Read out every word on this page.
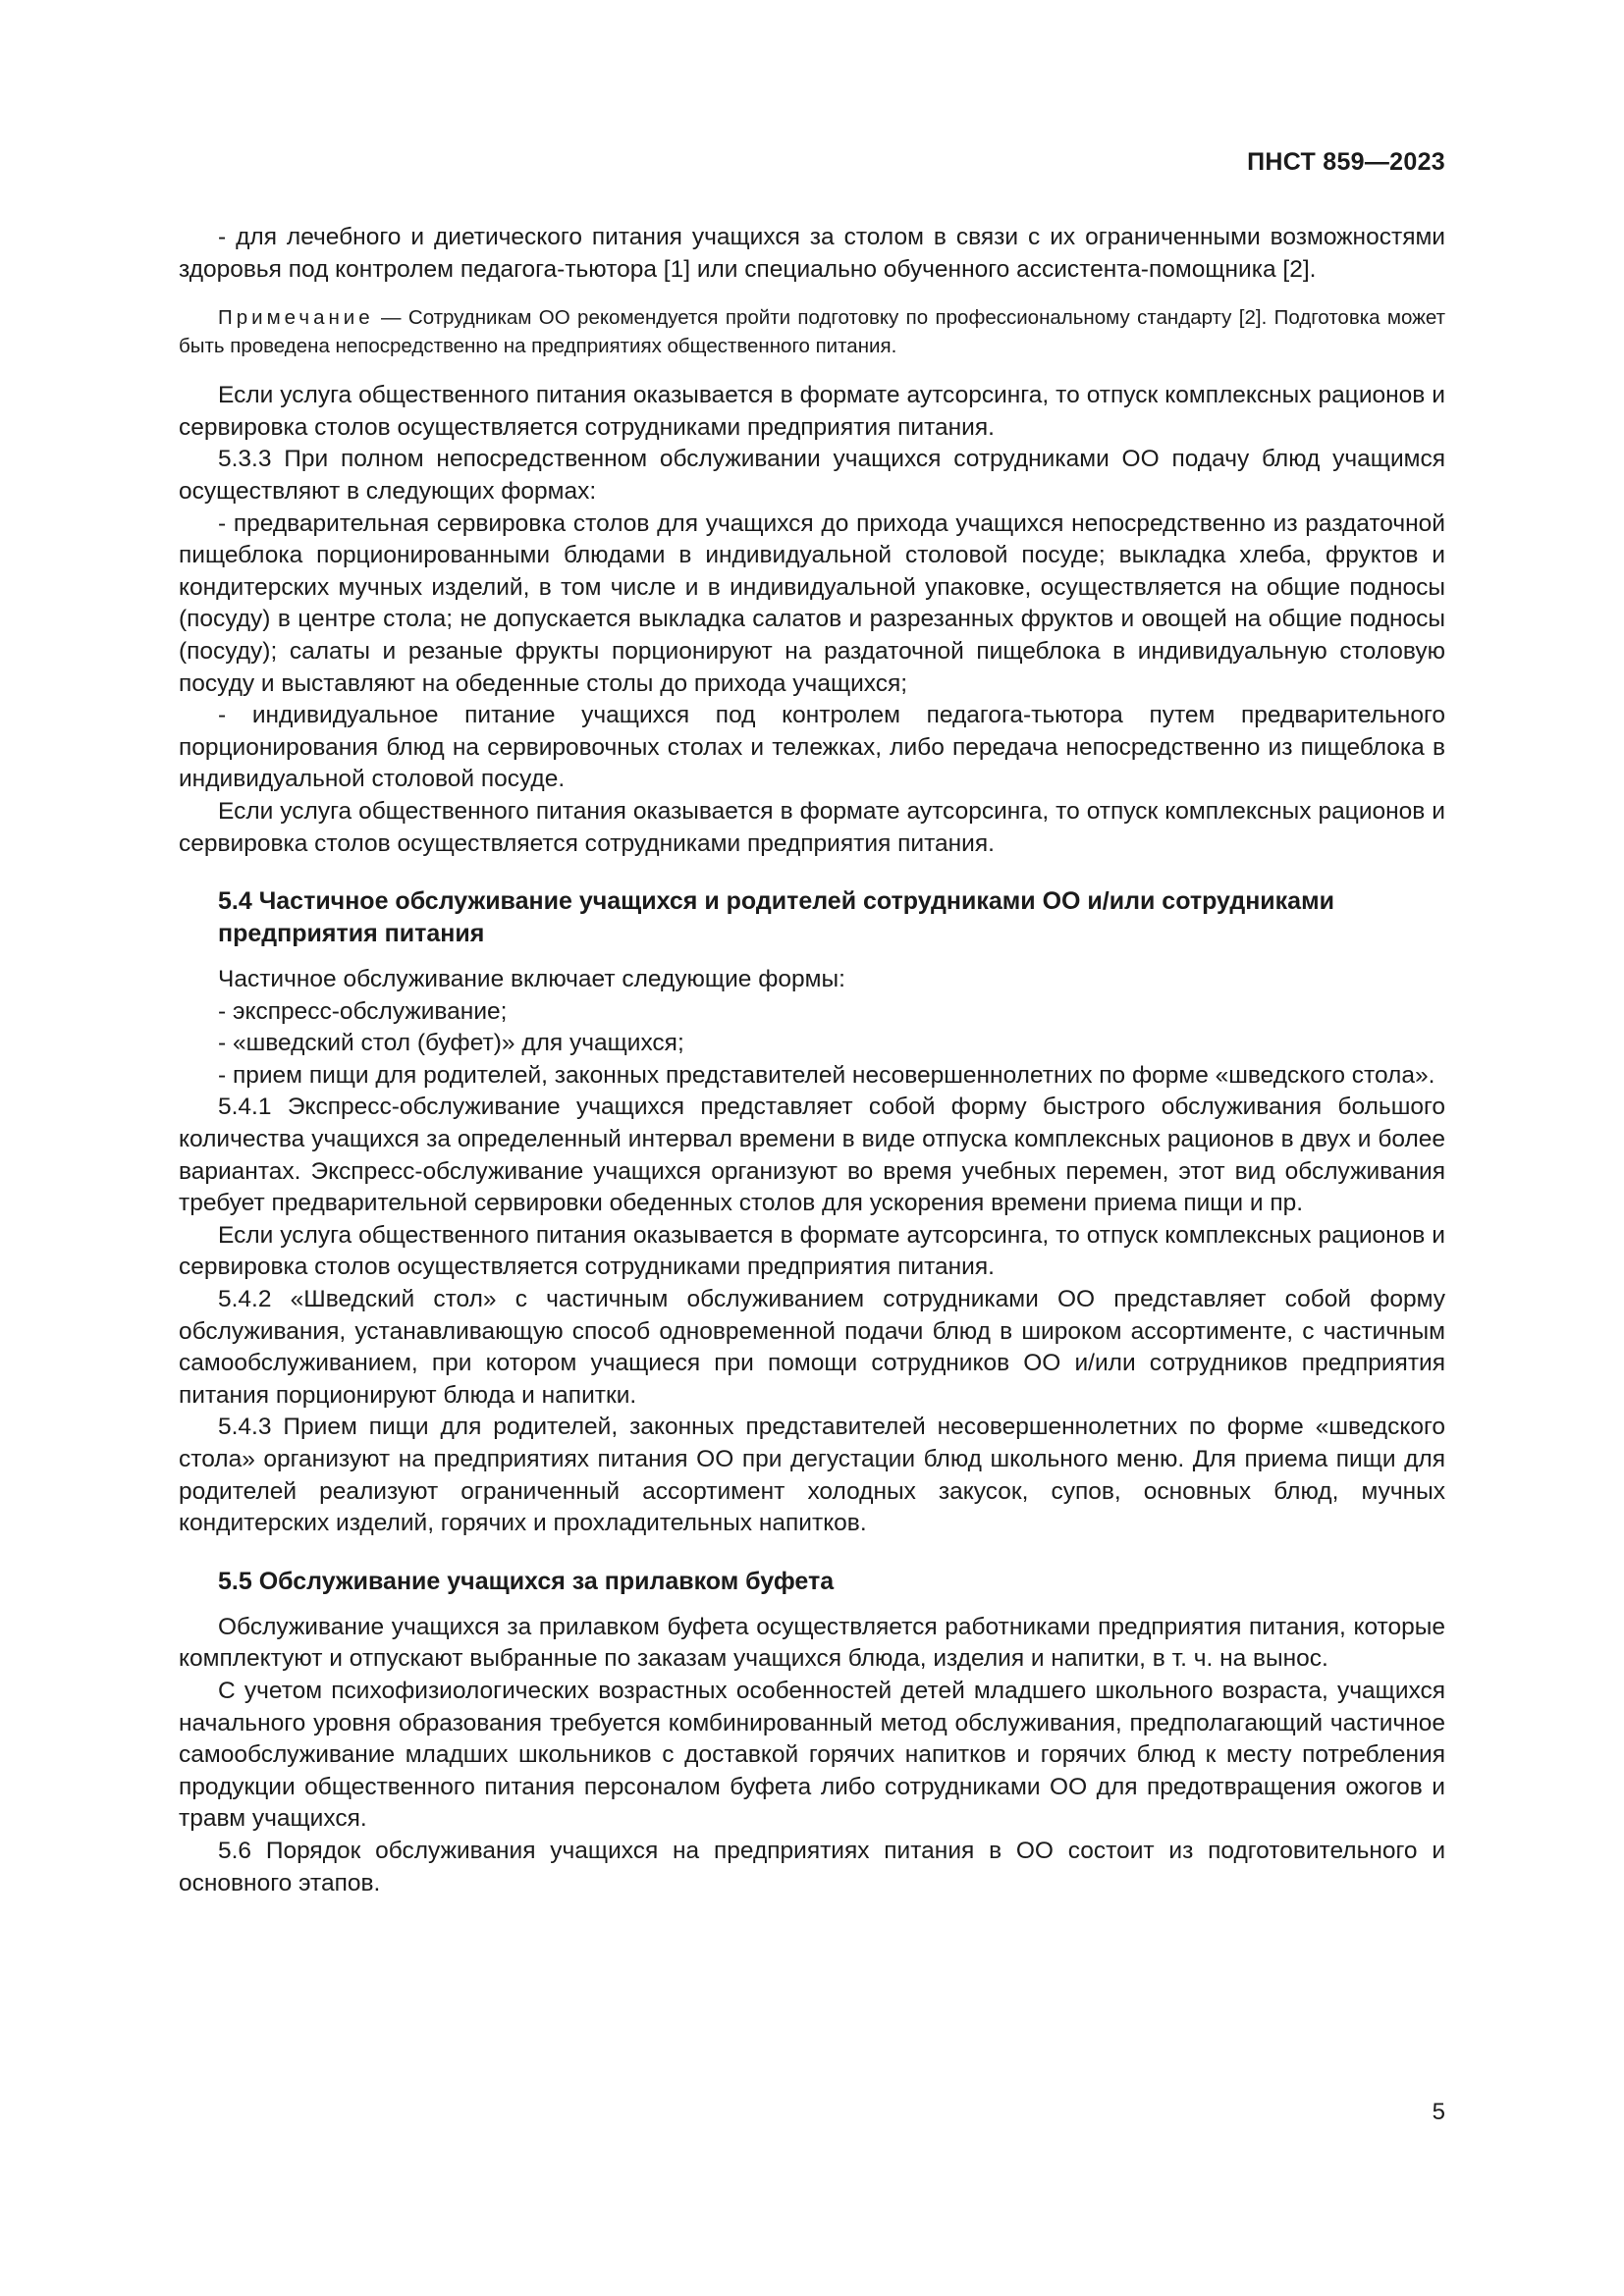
ПНСТ 859—2023

- для лечебного и диетического питания учащихся за столом в связи с их ограниченными возможностями здоровья под контролем педагога-тьютора [1] или специально обученного ассистента-помощника [2].

Примечание — Сотрудникам ОО рекомендуется пройти подготовку по профессиональному стандарту [2]. Подготовка может быть проведена непосредственно на предприятиях общественного питания.

Если услуга общественного питания оказывается в формате аутсорсинга, то отпуск комплексных рационов и сервировка столов осуществляется сотрудниками предприятия питания.

5.3.3 При полном непосредственном обслуживании учащихся сотрудниками ОО подачу блюд учащимся осуществляют в следующих формах:

- предварительная сервировка столов для учащихся до прихода учащихся непосредственно из раздаточной пищеблока порционированными блюдами в индивидуальной столовой посуде; выкладка хлеба, фруктов и кондитерских мучных изделий, в том числе и в индивидуальной упаковке, осуществляется на общие подносы (посуду) в центре стола; не допускается выкладка салатов и разрезанных фруктов и овощей на общие подносы (посуду); салаты и резаные фрукты порционируют на раздаточной пищеблока в индивидуальную столовую посуду и выставляют на обеденные столы до прихода учащихся;

- индивидуальное питание учащихся под контролем педагога-тьютора путем предварительного порционирования блюд на сервировочных столах и тележках, либо передача непосредственно из пищеблока в индивидуальной столовой посуде.

Если услуга общественного питания оказывается в формате аутсорсинга, то отпуск комплексных рационов и сервировка столов осуществляется сотрудниками предприятия питания.

5.4 Частичное обслуживание учащихся и родителей сотрудниками ОО и/или сотрудниками предприятия питания

Частичное обслуживание включает следующие формы:

- экспресс-обслуживание;

- «шведский стол (буфет)» для учащихся;

- прием пищи для родителей, законных представителей несовершеннолетних по форме «шведского стола».

5.4.1 Экспресс-обслуживание учащихся представляет собой форму быстрого обслуживания большого количества учащихся за определенный интервал времени в виде отпуска комплексных рационов в двух и более вариантах. Экспресс-обслуживание учащихся организуют во время учебных перемен, этот вид обслуживания требует предварительной сервировки обеденных столов для ускорения времени приема пищи и пр.

Если услуга общественного питания оказывается в формате аутсорсинга, то отпуск комплексных рационов и сервировка столов осуществляется сотрудниками предприятия питания.

5.4.2 «Шведский стол» с частичным обслуживанием сотрудниками ОО представляет собой форму обслуживания, устанавливающую способ одновременной подачи блюд в широком ассортименте, с частичным самообслуживанием, при котором учащиеся при помощи сотрудников ОО и/или сотрудников предприятия питания порционируют блюда и напитки.

5.4.3 Прием пищи для родителей, законных представителей несовершеннолетних по форме «шведского стола» организуют на предприятиях питания ОО при дегустации блюд школьного меню. Для приема пищи для родителей реализуют ограниченный ассортимент холодных закусок, супов, основных блюд, мучных кондитерских изделий, горячих и прохладительных напитков.

5.5 Обслуживание учащихся за прилавком буфета

Обслуживание учащихся за прилавком буфета осуществляется работниками предприятия питания, которые комплектуют и отпускают выбранные по заказам учащихся блюда, изделия и напитки, в т. ч. на вынос.

С учетом психофизиологических возрастных особенностей детей младшего школьного возраста, учащихся начального уровня образования требуется комбинированный метод обслуживания, предполагающий частичное самообслуживание младших школьников с доставкой горячих напитков и горячих блюд к месту потребления продукции общественного питания персоналом буфета либо сотрудниками ОО для предотвращения ожогов и травм учащихся.

5.6 Порядок обслуживания учащихся на предприятиях питания в ОО состоит из подготовительного и основного этапов.

5
